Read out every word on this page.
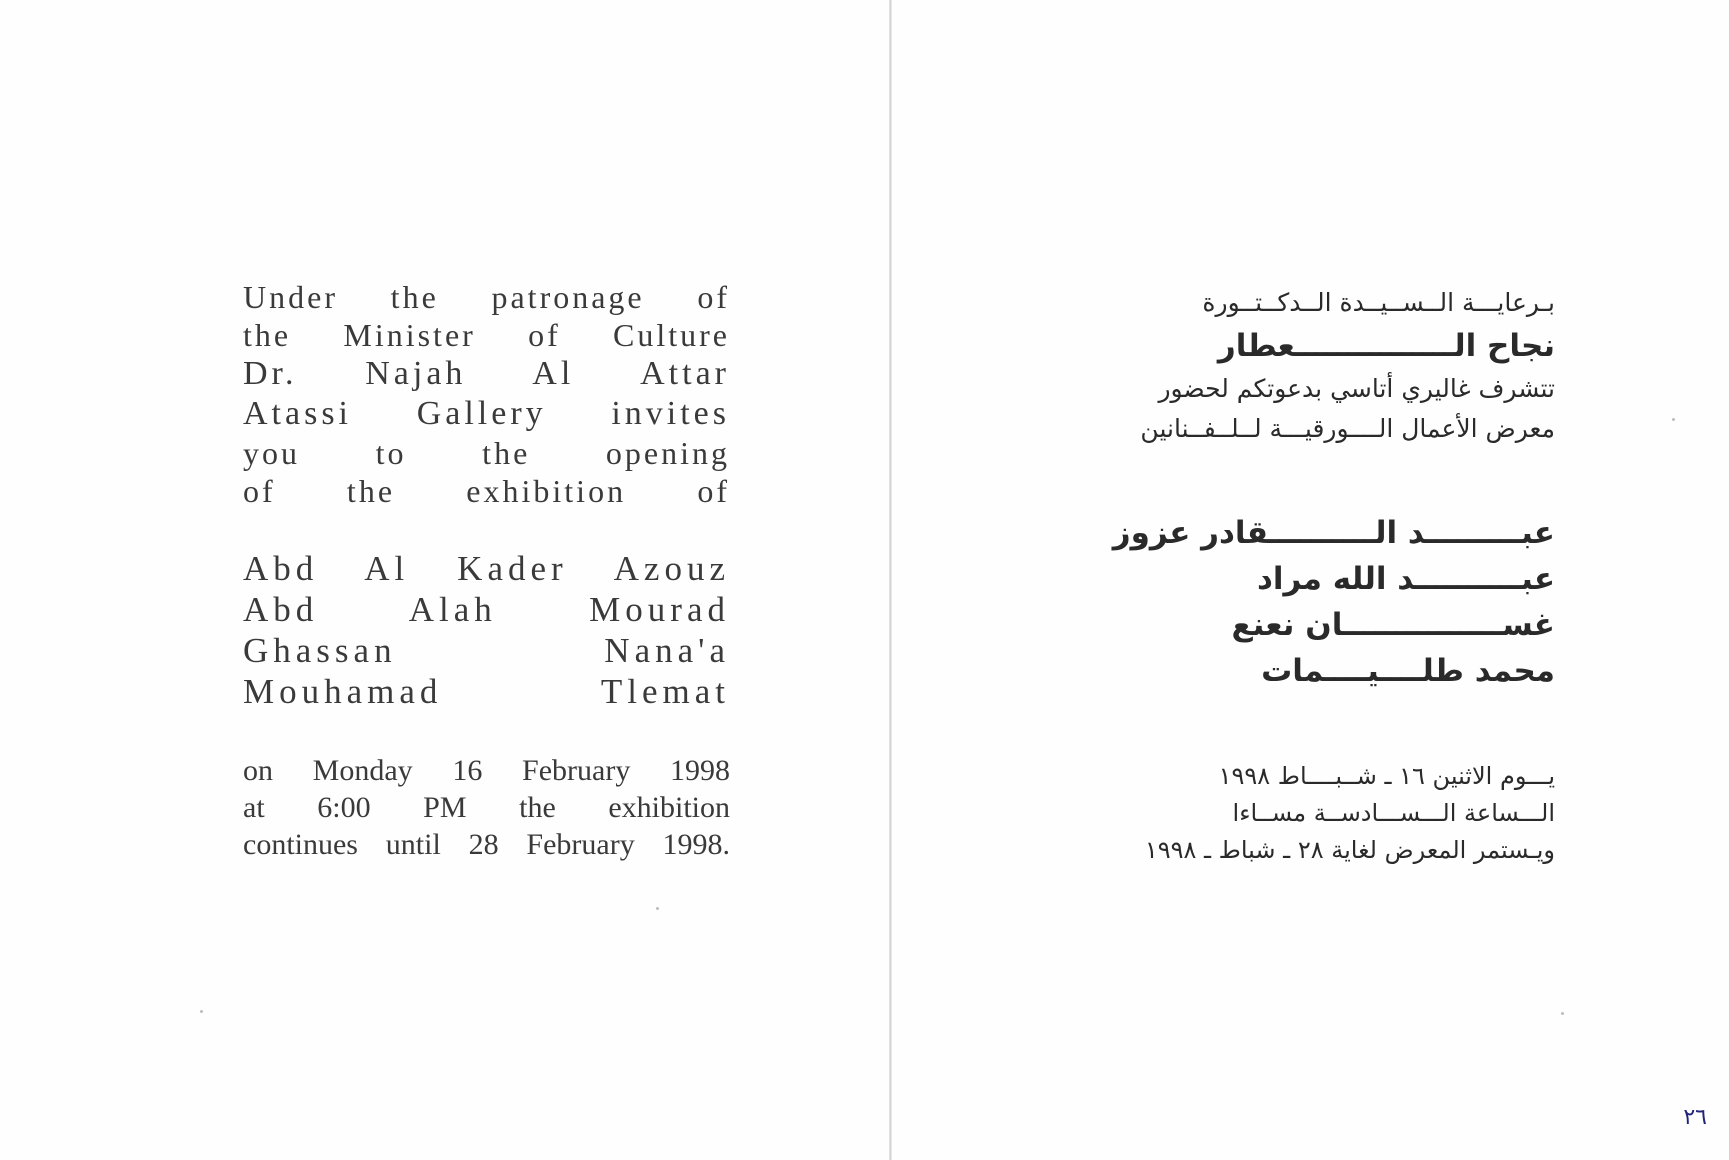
Under the patronage of
the Minister of Culture
Dr. Najah Al Attar
Atassi Gallery invites
you to the opening
of the exhibition of
Abd Al Kader Azouz
Abd Alah Mourad
Ghassan Nana'a
Mouhamad Tlemat
on Monday 16 February 1998
at 6:00 PM the exhibition
continues until 28 February 1998.
بـرعايـــة الــســيــدة الــدكــتــورة
نجاح الـــــــــــــــعطار
تتشرف غاليري أتاسي بدعوتكم لحضور
معرض الأعمال الــــورقيـــة لــلــفــنانين
عبـــــــــد الــــــــــقادر عزوز
عبــــــــــد الله مراد
غســـــــــــــــان نعنع
محمد طلــــيــــمات
يـــوم الاثنين ١٦ ـ شــبــــاط ١٩٩٨
الـــساعة الـــســـادســة مســاءا
ويـستمر المعرض لغاية ٢٨ ـ شباط ـ ١٩٩٨
٢٦
